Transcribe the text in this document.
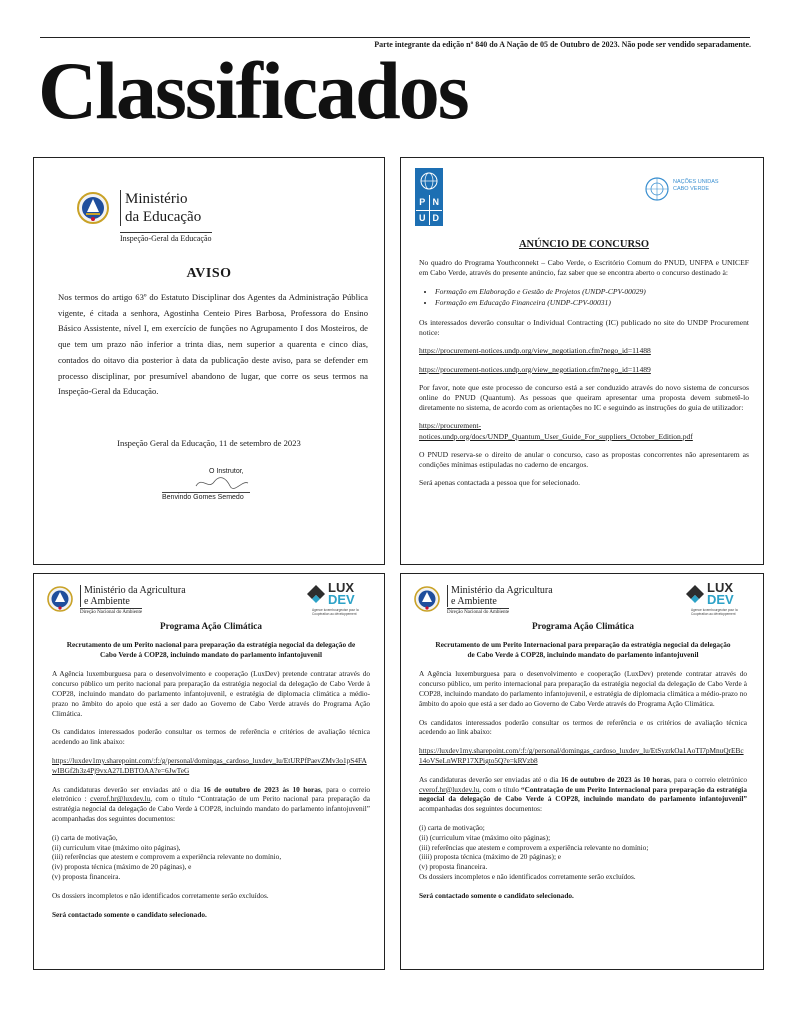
Parte integrante da edição nº 840 do A Nação de 05 de Outubro de 2023. Não pode ser vendido separadamente.
Classificados
Ministério
da Educação
Inspeção-Geral da Educação
AVISO
Nos termos do artigo 63º do Estatuto Disciplinar dos Agentes da Administração Pública vigente, é citada a senhora, Agostinha Centeio Pires Barbosa, Professora do Ensino Básico Assistente, nível I, em exercício de funções no Agrupamento I dos Mosteiros, de que tem um prazo não inferior a trinta dias, nem superior a quarenta e cinco dias, contados do oitavo dia posterior à data da publicação deste aviso, para se defender em processo disciplinar, por presumível abandono de lugar, que corre os seus termos na Inspeção-Geral da Educação.
Inspeção Geral da Educação, 11 de setembro de 2023
O Instrutor,
Benvindo Gomes Semedo
P N
U D
NAÇÕES UNIDAS
CABO VERDE
ANÚNCIO DE CONCURSO

No quadro do Programa Youthconnekt – Cabo Verde, o Escritório Comum do PNUD, UNFPA e UNICEF em Cabo Verde, através do presente anúncio, faz saber que se encontra aberto o concurso destinado à:

• Formação em Elaboração e Gestão de Projetos (UNDP-CPV-00029)
• Formação em Educação Financeira (UNDP-CPV-00031)

Os interessados deverão consultar o Individual Contracting (IC) publicado no site do UNDP Procurement notice:

https://procurement-notices.undp.org/view_negotiation.cfm?nego_id=11488

https://procurement-notices.undp.org/view_negotiation.cfm?nego_id=11489

Por favor, note que este processo de concurso está a ser conduzido através do novo sistema de concursos online do PNUD (Quantum). As pessoas que queiram apresentar uma proposta devem submetê-lo diretamente no sistema, de acordo com as orientações no IC e seguindo as instruções do guia de utilizador:

https://procurement-notices.undp.org/docs/UNDP_Quantum_User_Guide_For_suppliers_October_Edition.pdf

O PNUD reserva-se o direito de anular o concurso, caso as propostas concorrentes não apresentarem as condições mínimas estipuladas no caderno de encargos.

Será apenas contactada a pessoa que for selecionado.

Ministério da Agricultura
e Ambiente
Direção Nacional do Ambiente
LUX
DEV
Agence luxembourgeoise pour la Coopération au développement
Programa Ação Climática
Recrutamento de um Perito nacional para preparação da estratégia negocial da delegação de Cabo Verde à COP28, incluindo mandato do parlamento infantojuvenil

A Agência luxemburguesa para o desenvolvimento e cooperação (LuxDev) pretende contratar através do concurso público um perito nacional para preparação da estratégia negocial da delegação de Cabo Verde à COP28, incluindo mandato do parlamento infantojuvenil, e estratégia de diplomacia climática a médio-prazo no âmbito do apoio que está a ser dado ao Governo de Cabo Verde através do Programa Ação Climática.

Os candidatos interessados poderão consultar os termos de referência e critérios de avaliação técnica acedendo ao link abaixo:

https://luxdev1my.sharepoint.com/:f:/g/personal/domingas_cardoso_luxdev_lu/EtURPfPaevZMv3o1pS4FAwIBGf2h3z4Pj9vxA27LDBTOAA?e=6JwTeG

As candidaturas deverão ser enviadas até o dia 16 de outubro de 2023 às 10 horas, para o correio eletrónico : cverof.hr@luxdev.lu, com o título “Contratação de um Perito nacional para preparação da estratégia negocial da delegação de Cabo Verde à COP28, incluindo mandato do parlamento infantojuvenil” acompanhadas dos seguintes documentos:

(i) carta de motivação,
(ii) curriculum vitae (máximo oito páginas),
(iii) referências que atestem e comprovem a experiência relevante no domínio,
(iv) proposta técnica (máximo de 20 páginas), e
(v) proposta financeira.

Os dossiers incompletos e não identificados corretamente serão excluídos.

Será contactado somente o candidato selecionado.

Ministério da Agricultura
e Ambiente
Direção Nacional do Ambiente
LUX
DEV
Agence luxembourgeoise pour la Coopération au développement
Programa Ação Climática
Recrutamento de um Perito Internacional para preparação da estratégia negocial da delegação de Cabo Verde à COP28, incluindo mandato do parlamento infantojuvenil

A Agência luxemburguesa para o desenvolvimento e cooperação (LuxDev) pretende contratar através do concurso público, um perito internacional para preparação da estratégia negocial da delegação de Cabo Verde à COP28, incluindo mandato do parlamento infantojuvenil, e estratégia de diplomacia climática a médio-prazo no âmbito do apoio que está a ser dado ao Governo de Cabo Verde através do Programa Ação Climática.

Os candidatos interessados poderão consultar os termos de referência e os critérios de avaliação técnica acedendo ao link abaixo:

https://luxdev1my.sharepoint.com/:f:/g/personal/domingas_cardoso_luxdev_lu/EtSyzrkOa1AoTI7pMnuQrEBc14oVSeLnWRP17XPigto5Q?e=kRVzb8

As candidaturas deverão ser enviadas até o dia 16 de outubro de 2023 às 10 horas, para o correio eletrónico cverof.hr@luxdev.lu, com o título “Contratação de um Perito Internacional para preparação da estratégia negocial da delegação de Cabo Verde à COP28, incluindo mandato do parlamento infantojuvenil” acompanhadas dos seguintes documentos:

(i) carta de motivação;
(ii) (curriculum vitae (máximo oito páginas);
(iii) referências que atestem e comprovem a experiência relevante no domínio;
(iiii) proposta técnica (máximo de 20 páginas); e
(v) proposta financeira.

Os dossiers incompletos e não identificados corretamente serão excluídos.

Será contactado somente o candidato selecionado.
